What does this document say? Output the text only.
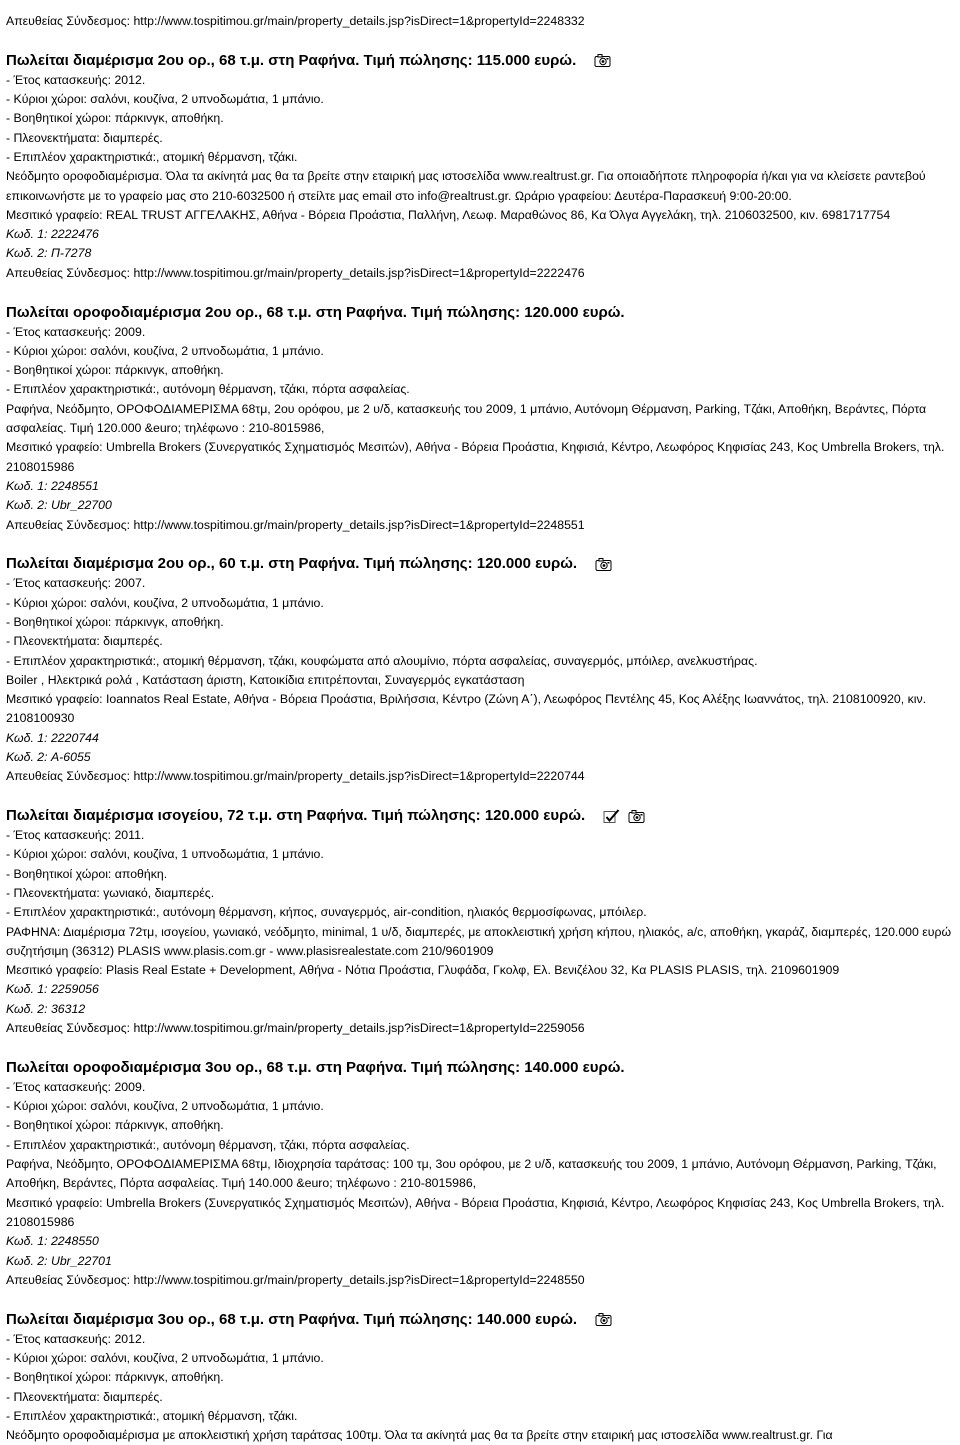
Απευθείας Σύνδεσμος: http://www.tospitimou.gr/main/property_details.jsp?isDirect=1&propertyId=2248332
Πωλείται διαμέρισμα 2ου ορ., 68 τ.μ. στη Ραφήνα. Τιμή πώλησης: 115.000 ευρώ.
- Έτος κατασκευής: 2012.
- Κύριοι χώροι: σαλόνι, κουζίνα, 2 υπνοδωμάτια, 1 μπάνιο.
- Βοηθητικοί χώροι: πάρκινγκ, αποθήκη.
- Πλεονεκτήματα: διαμπερές.
- Επιπλέον χαρακτηριστικά:, ατομική θέρμανση, τζάκι.
Νεόδμητο οροφοδιαμέρισμα. Όλα τα ακίνητά μας θα τα βρείτε στην εταιρική μας ιστοσελίδα www.realtrust.gr. Για οποιαδήποτε πληροφορία ή/και για να κλείσετε ραντεβού επικοινωνήστε με το γραφείο μας στο 210-6032500 ή στείλτε μας email στο info@realtrust.gr. Ωράριο γραφείου: Δευτέρα-Παρασκευή 9:00-20:00.
Μεσιτικό γραφείο: REAL TRUST ΑΓΓΕΛΑΚΗΣ, Αθήνα - Βόρεια Προάστια, Παλλήνη, Λεωφ. Μαραθώνος 86, Κα Όλγα Αγγελάκη, τηλ. 2106032500, κιν. 6981717754
Κωδ. 1: 2222476
Κωδ. 2: Π-7278
Απευθείας Σύνδεσμος: http://www.tospitimou.gr/main/property_details.jsp?isDirect=1&propertyId=2222476
Πωλείται οροφοδιαμέρισμα 2ου ορ., 68 τ.μ. στη Ραφήνα. Τιμή πώλησης: 120.000 ευρώ.
- Έτος κατασκευής: 2009.
- Κύριοι χώροι: σαλόνι, κουζίνα, 2 υπνοδωμάτια, 1 μπάνιο.
- Βοηθητικοί χώροι: πάρκινγκ, αποθήκη.
- Επιπλέον χαρακτηριστικά:, αυτόνομη θέρμανση, τζάκι, πόρτα ασφαλείας.
Ραφήνα, Νεόδμητο, ΟΡΟΦΟΔΙΑΜΕΡΙΣΜΑ 68τμ, 2ου ορόφου, με 2 υ/δ, κατασκευής του 2009, 1 μπάνιο, Αυτόνομη Θέρμανση, Parking, Τζάκι, Αποθήκη, Βεράντες, Πόρτα ασφαλείας. Τιμή 120.000 &euro; τηλέφωνο : 210-8015986,
Μεσιτικό γραφείο: Umbrella Brokers (Συνεργατικός Σχηματισμός Μεσιτών), Αθήνα - Βόρεια Προάστια, Κηφισιά, Κέντρο, Λεωφόρος Κηφισίας 243, Κος Umbrella Brokers, τηλ. 2108015986
Κωδ. 1: 2248551
Κωδ. 2: Ubr_22700
Απευθείας Σύνδεσμος: http://www.tospitimou.gr/main/property_details.jsp?isDirect=1&propertyId=2248551
Πωλείται διαμέρισμα 2ου ορ., 60 τ.μ. στη Ραφήνα. Τιμή πώλησης: 120.000 ευρώ.
- Έτος κατασκευής: 2007.
- Κύριοι χώροι: σαλόνι, κουζίνα, 2 υπνοδωμάτια, 1 μπάνιο.
- Βοηθητικοί χώροι: πάρκινγκ, αποθήκη.
- Πλεονεκτήματα: διαμπερές.
- Επιπλέον χαρακτηριστικά:, ατομική θέρμανση, τζάκι, κουφώματα από αλουμίνιο, πόρτα ασφαλείας, συναγερμός, μπόιλερ, ανελκυστήρας.
Boiler , Ηλεκτρικά ρολά , Κατάσταση άριστη, Κατοικίδια επιτρέπονται, Συναγερμός εγκατάσταση
Μεσιτικό γραφείο: Ioannatos Real Estate, Αθήνα - Βόρεια Προάστια, Βριλήσσια, Κέντρο (Ζώνη Α΄), Λεωφόρος Πεντέλης 45, Κος Αλέξης Ιωαννάτος, τηλ. 2108100920, κιν. 2108100930
Κωδ. 1: 2220744
Κωδ. 2: A-6055
Απευθείας Σύνδεσμος: http://www.tospitimou.gr/main/property_details.jsp?isDirect=1&propertyId=2220744
Πωλείται διαμέρισμα ισογείου, 72 τ.μ. στη Ραφήνα. Τιμή πώλησης: 120.000 ευρώ.
- Έτος κατασκευής: 2011.
- Κύριοι χώροι: σαλόνι, κουζίνα, 1 υπνοδωμάτια, 1 μπάνιο.
- Βοηθητικοί χώροι: αποθήκη.
- Πλεονεκτήματα: γωνιακό, διαμπερές.
- Επιπλέον χαρακτηριστικά:, αυτόνομη θέρμανση, κήπος, συναγερμός, air-condition, ηλιακός θερμοσίφωνας, μπόιλερ.
ΡΑΦΗΝΑ: Διαμέρισμα 72τμ, ισογείου, γωνιακό, νεόδμητο, minimal, 1 υ/δ, διαμπερές, με αποκλειστική χρήση κήπου, ηλιακός, a/c, αποθήκη, γκαράζ, διαμπερές, 120.000 ευρώ συζητήσιμη (36312) PLASIS www.plasis.com.gr - www.plasisrealestate.com 210/9601909
Μεσιτικό γραφείο: Plasis Real Estate + Development, Αθήνα - Νότια Προάστια, Γλυφάδα, Γκολφ, Ελ. Βενιζέλου 32, Κα PLASIS PLASIS, τηλ. 2109601909
Κωδ. 1: 2259056
Κωδ. 2: 36312
Απευθείας Σύνδεσμος: http://www.tospitimou.gr/main/property_details.jsp?isDirect=1&propertyId=2259056
Πωλείται οροφοδιαμέρισμα 3ου ορ., 68 τ.μ. στη Ραφήνα. Τιμή πώλησης: 140.000 ευρώ.
- Έτος κατασκευής: 2009.
- Κύριοι χώροι: σαλόνι, κουζίνα, 2 υπνοδωμάτια, 1 μπάνιο.
- Βοηθητικοί χώροι: πάρκινγκ, αποθήκη.
- Επιπλέον χαρακτηριστικά:, αυτόνομη θέρμανση, τζάκι, πόρτα ασφαλείας.
Ραφήνα, Νεόδμητο, ΟΡΟΦΟΔΙΑΜΕΡΙΣΜΑ 68τμ, Ιδιοχρησία ταράτσας: 100 τμ, 3ου ορόφου, με 2 υ/δ, κατασκευής του 2009, 1 μπάνιο, Αυτόνομη Θέρμανση, Parking, Τζάκι, Αποθήκη, Βεράντες, Πόρτα ασφαλείας. Τιμή 140.000 &euro; τηλέφωνο : 210-8015986,
Μεσιτικό γραφείο: Umbrella Brokers (Συνεργατικός Σχηματισμός Μεσιτών), Αθήνα - Βόρεια Προάστια, Κηφισιά, Κέντρο, Λεωφόρος Κηφισίας 243, Κος Umbrella Brokers, τηλ. 2108015986
Κωδ. 1: 2248550
Κωδ. 2: Ubr_22701
Απευθείας Σύνδεσμος: http://www.tospitimou.gr/main/property_details.jsp?isDirect=1&propertyId=2248550
Πωλείται διαμέρισμα 3ου ορ., 68 τ.μ. στη Ραφήνα. Τιμή πώλησης: 140.000 ευρώ.
- Έτος κατασκευής: 2012.
- Κύριοι χώροι: σαλόνι, κουζίνα, 2 υπνοδωμάτια, 1 μπάνιο.
- Βοηθητικοί χώροι: πάρκινγκ, αποθήκη.
- Πλεονεκτήματα: διαμπερές.
- Επιπλέον χαρακτηριστικά:, ατομική θέρμανση, τζάκι.
Νεόδμητο οροφοδιαμέρισμα με αποκλειστική χρήση ταράτσας 100τμ. Όλα τα ακίνητά μας θα τα βρείτε στην εταιρική μας ιστοσελίδα www.realtrust.gr. Για
